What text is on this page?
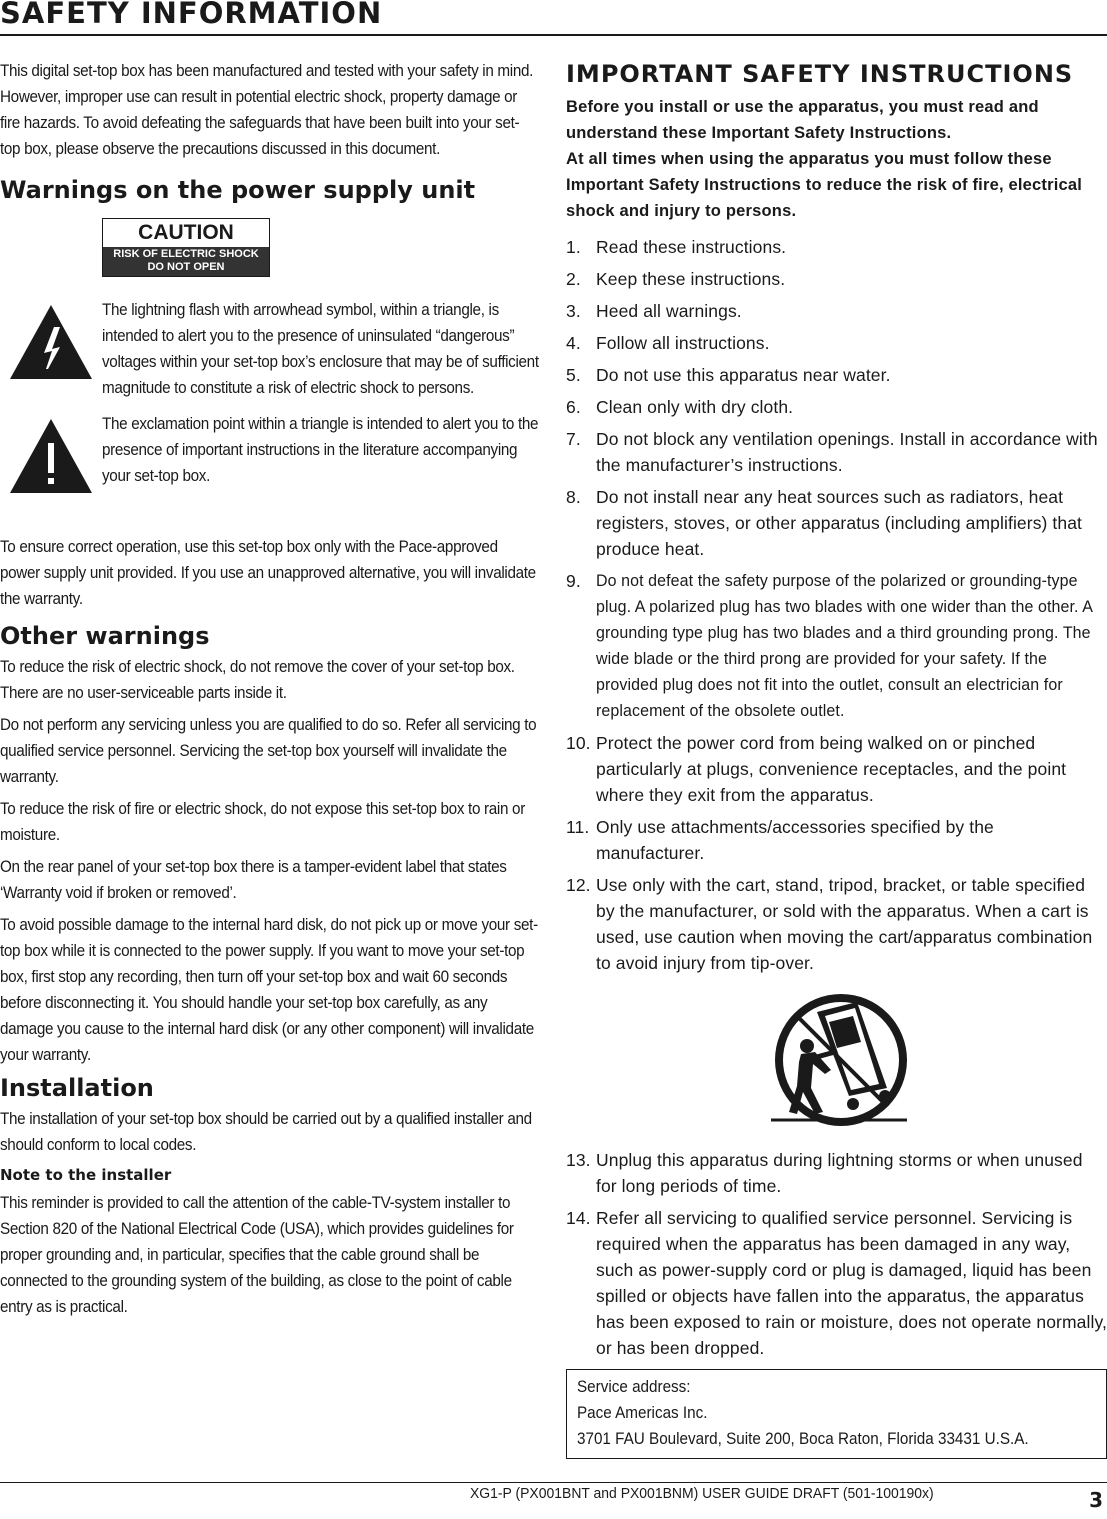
SAFETY INFORMATION

This digital set-top box has been manufactured and tested with your safety in mind. However, improper use can result in potential electric shock, property damage or fire hazards. To avoid defeating the safeguards that have been built into your set-top box, please observe the precautions discussed in this document.

Warnings on the power supply unit
CAUTION
RISK OF ELECTRIC SHOCK
DO NOT OPEN

The lightning flash with arrowhead symbol, within a triangle, is intended to alert you to the presence of uninsulated “dangerous” voltages within your set-top box’s enclosure that may be of sufficient magnitude to constitute a risk of electric shock to persons.

The exclamation point within a triangle is intended to alert you to the presence of important instructions in the literature accompanying your set-top box.

To ensure correct operation, use this set-top box only with the Pace-approved power supply unit provided. If you use an unapproved alternative, you will invalidate the warranty.

Other warnings

To reduce the risk of electric shock, do not remove the cover of your set-top box. There are no user-serviceable parts inside it.

Do not perform any servicing unless you are qualified to do so. Refer all servicing to qualified service personnel. Servicing the set-top box yourself will invalidate the warranty.

To reduce the risk of fire or electric shock, do not expose this set-top box to rain or moisture.

On the rear panel of your set-top box there is a tamper-evident label that states ‘Warranty void if broken or removed’.

To avoid possible damage to the internal hard disk, do not pick up or move your set-top box while it is connected to the power supply. If you want to move your set-top box, first stop any recording, then turn off your set-top box and wait 60 seconds before disconnecting it. You should handle your set-top box carefully, as any damage you cause to the internal hard disk (or any other component) will invalidate your warranty.

Installation

The installation of your set-top box should be carried out by a qualified installer and should conform to local codes.

Note to the installer

This reminder is provided to call the attention of the cable-TV-system installer to Section 820 of the National Electrical Code (USA), which provides guidelines for proper grounding and, in particular, specifies that the cable ground shall be connected to the grounding system of the building, as close to the point of cable entry as is practical.

IMPORTANT SAFETY INSTRUCTIONS

Before you install or use the apparatus, you must read and understand these Important Safety Instructions.

At all times when using the apparatus you must follow these Important Safety Instructions to reduce the risk of fire, electrical shock and injury to persons.

1. Read these instructions.
2. Keep these instructions.
3. Heed all warnings.
4. Follow all instructions.
5. Do not use this apparatus near water.
6. Clean only with dry cloth.
7. Do not block any ventilation openings. Install in accordance with the manufacturer’s instructions.
8. Do not install near any heat sources such as radiators, heat registers, stoves, or other apparatus (including amplifiers) that produce heat.
9. Do not defeat the safety purpose of the polarized or grounding-type plug. A polarized plug has two blades with one wider than the other. A grounding type plug has two blades and a third grounding prong. The wide blade or the third prong are provided for your safety. If the provided plug does not fit into the outlet, consult an electrician for replacement of the obsolete outlet.
10. Protect the power cord from being walked on or pinched particularly at plugs, convenience receptacles, and the point where they exit from the apparatus.
11. Only use attachments/accessories specified by the manufacturer.
12. Use only with the cart, stand, tripod, bracket, or table specified by the manufacturer, or sold with the apparatus. When a cart is used, use caution when moving the cart/apparatus combination to avoid injury from tip-over.
13. Unplug this apparatus during lightning storms or when unused for long periods of time.
14. Refer all servicing to qualified service personnel. Servicing is required when the apparatus has been damaged in any way, such as power-supply cord or plug is damaged, liquid has been spilled or objects have fallen into the apparatus, the apparatus has been exposed to rain or moisture, does not operate normally, or has been dropped.
Service address:
Pace Americas Inc.
3701 FAU Boulevard, Suite 200, Boca Raton, Florida 33431 U.S.A.
XG1-P (PX001BNT and PX001BNM) USER GUIDE DRAFT (501-100190x)	3
